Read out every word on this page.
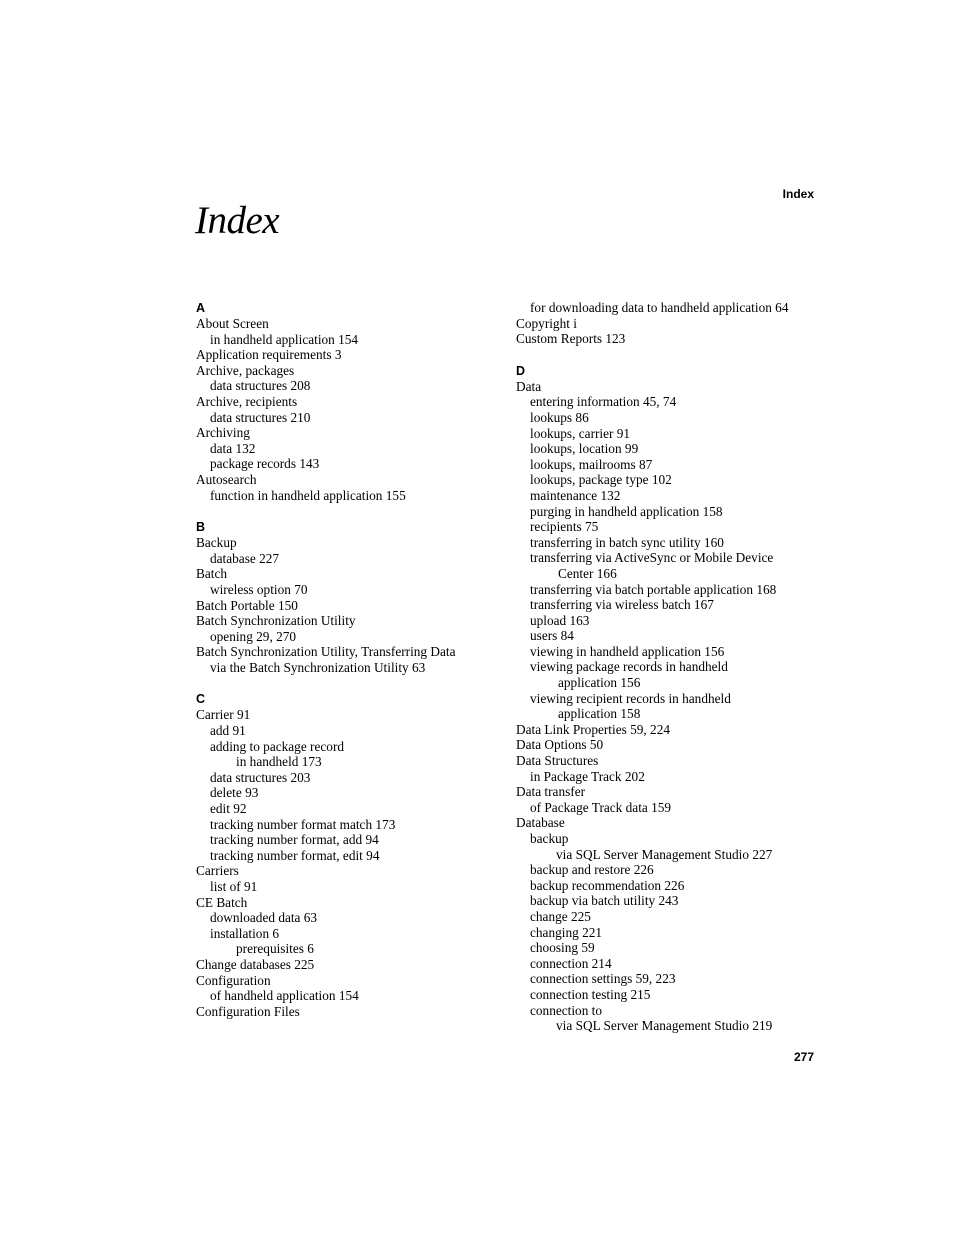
Index
Index
A
About Screen
in handheld application 154
Application requirements 3
Archive, packages
data structures 208
Archive, recipients
data structures 210
Archiving
data 132
package records 143
Autosearch
function in handheld application 155
B
Backup
database 227
Batch
wireless option 70
Batch Portable 150
Batch Synchronization Utility
opening 29, 270
Batch Synchronization Utility, Transferring Data
via the Batch Synchronization Utility 63
C
Carrier 91
add 91
adding to package record
in handheld 173
data structures 203
delete 93
edit 92
tracking number format match 173
tracking number format, add 94
tracking number format, edit 94
Carriers
list of 91
CE Batch
downloaded data 63
installation 6
prerequisites 6
Change databases 225
Configuration
of handheld application 154
Configuration Files
for downloading data to handheld application 64
Copyright i
Custom Reports 123
D
Data
entering information 45, 74
lookups 86
lookups, carrier 91
lookups, location 99
lookups, mailrooms 87
lookups, package type 102
maintenance 132
purging in handheld application 158
recipients 75
transferring in batch sync utility 160
transferring via ActiveSync or Mobile Device
Center 166
transferring via batch portable application 168
transferring via wireless batch 167
upload 163
users 84
viewing in handheld application 156
viewing package records in handheld
application 156
viewing recipient records in handheld
application 158
Data Link Properties 59, 224
Data Options 50
Data Structures
in Package Track 202
Data transfer
of Package Track data 159
Database
backup
via SQL Server Management Studio 227
backup and restore 226
backup recommendation 226
backup via batch utility 243
change 225
changing 221
choosing 59
connection 214
connection settings 59, 223
connection testing 215
connection to
via SQL Server Management Studio 219
277
